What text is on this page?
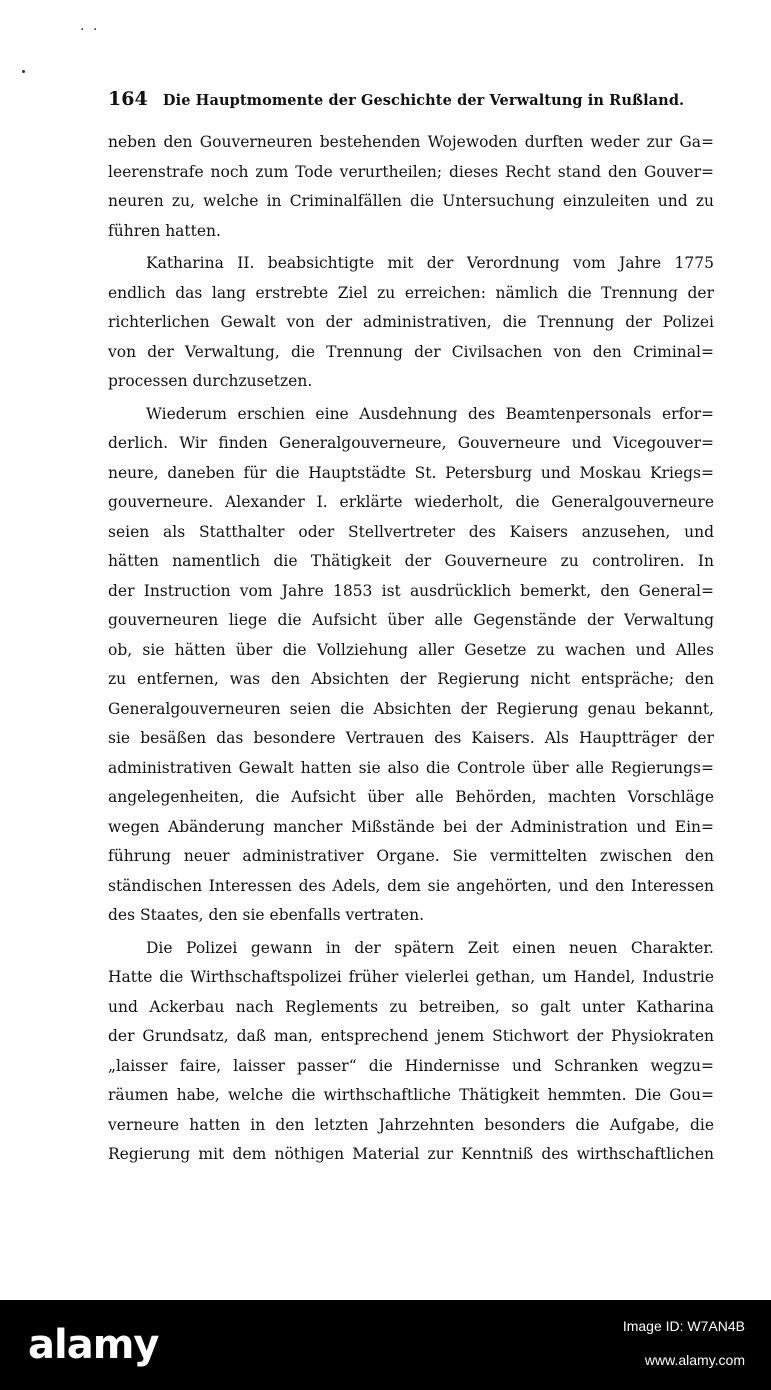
· ·
164 Die Hauptmomente der Geschichte der Verwaltung in Rußland.
neben den Gouverneuren bestehenden Wojewoden durften weder zur Ga=
leerenstrafe noch zum Tode verurtheilen; dieses Recht stand den Gouver=
neuren zu, welche in Criminalfällen die Untersuchung einzuleiten und zu
führen hatten.
Katharina II. beabsichtigte mit der Verordnung vom Jahre 1775
endlich das lang erstrebte Ziel zu erreichen: nämlich die Trennung der
richterlichen Gewalt von der administrativen, die Trennung der Polizei
von der Verwaltung, die Trennung der Civilsachen von den Criminal=
processen durchzusetzen.
Wiederum erschien eine Ausdehnung des Beamtenpersonals erfor=
derlich. Wir finden Generalgouverneure, Gouverneure und Vicegouver=
neure, daneben für die Hauptstädte St. Petersburg und Moskau Kriegs=
gouverneure. Alexander I. erklärte wiederholt, die Generalgouverneure
seien als Statthalter oder Stellvertreter des Kaisers anzusehen, und
hätten namentlich die Thätigkeit der Gouverneure zu controliren. In
der Instruction vom Jahre 1853 ist ausdrücklich bemerkt, den General=
gouverneuren liege die Aufsicht über alle Gegenstände der Verwaltung
ob, sie hätten über die Vollziehung aller Gesetze zu wachen und Alles
zu entfernen, was den Absichten der Regierung nicht entspräche; den
Generalgouverneuren seien die Absichten der Regierung genau bekannt,
sie besäßen das besondere Vertrauen des Kaisers. Als Hauptträger der
administrativen Gewalt hatten sie also die Controle über alle Regierungs=
angelegenheiten, die Aufsicht über alle Behörden, machten Vorschläge
wegen Abänderung mancher Mißstände bei der Administration und Ein=
führung neuer administrativer Organe. Sie vermittelten zwischen den
ständischen Interessen des Adels, dem sie angehörten, und den Interessen
des Staates, den sie ebenfalls vertraten.
Die Polizei gewann in der spätern Zeit einen neuen Charakter.
Hatte die Wirthschaftspolizei früher vielerlei gethan, um Handel, Industrie
und Ackerbau nach Reglements zu betreiben, so galt unter Katharina
der Grundsatz, daß man, entsprechend jenem Stichwort der Physiokraten
„laisser faire, laisser passer“ die Hindernisse und Schranken wegzu=
räumen habe, welche die wirthschaftliche Thätigkeit hemmten. Die Gou=
verneure hatten in den letzten Jahrzehnten besonders die Aufgabe, die
Regierung mit dem nöthigen Material zur Kenntniß des wirthschaftlichen
alamy	Image ID: W7AN4B
www.alamy.com
